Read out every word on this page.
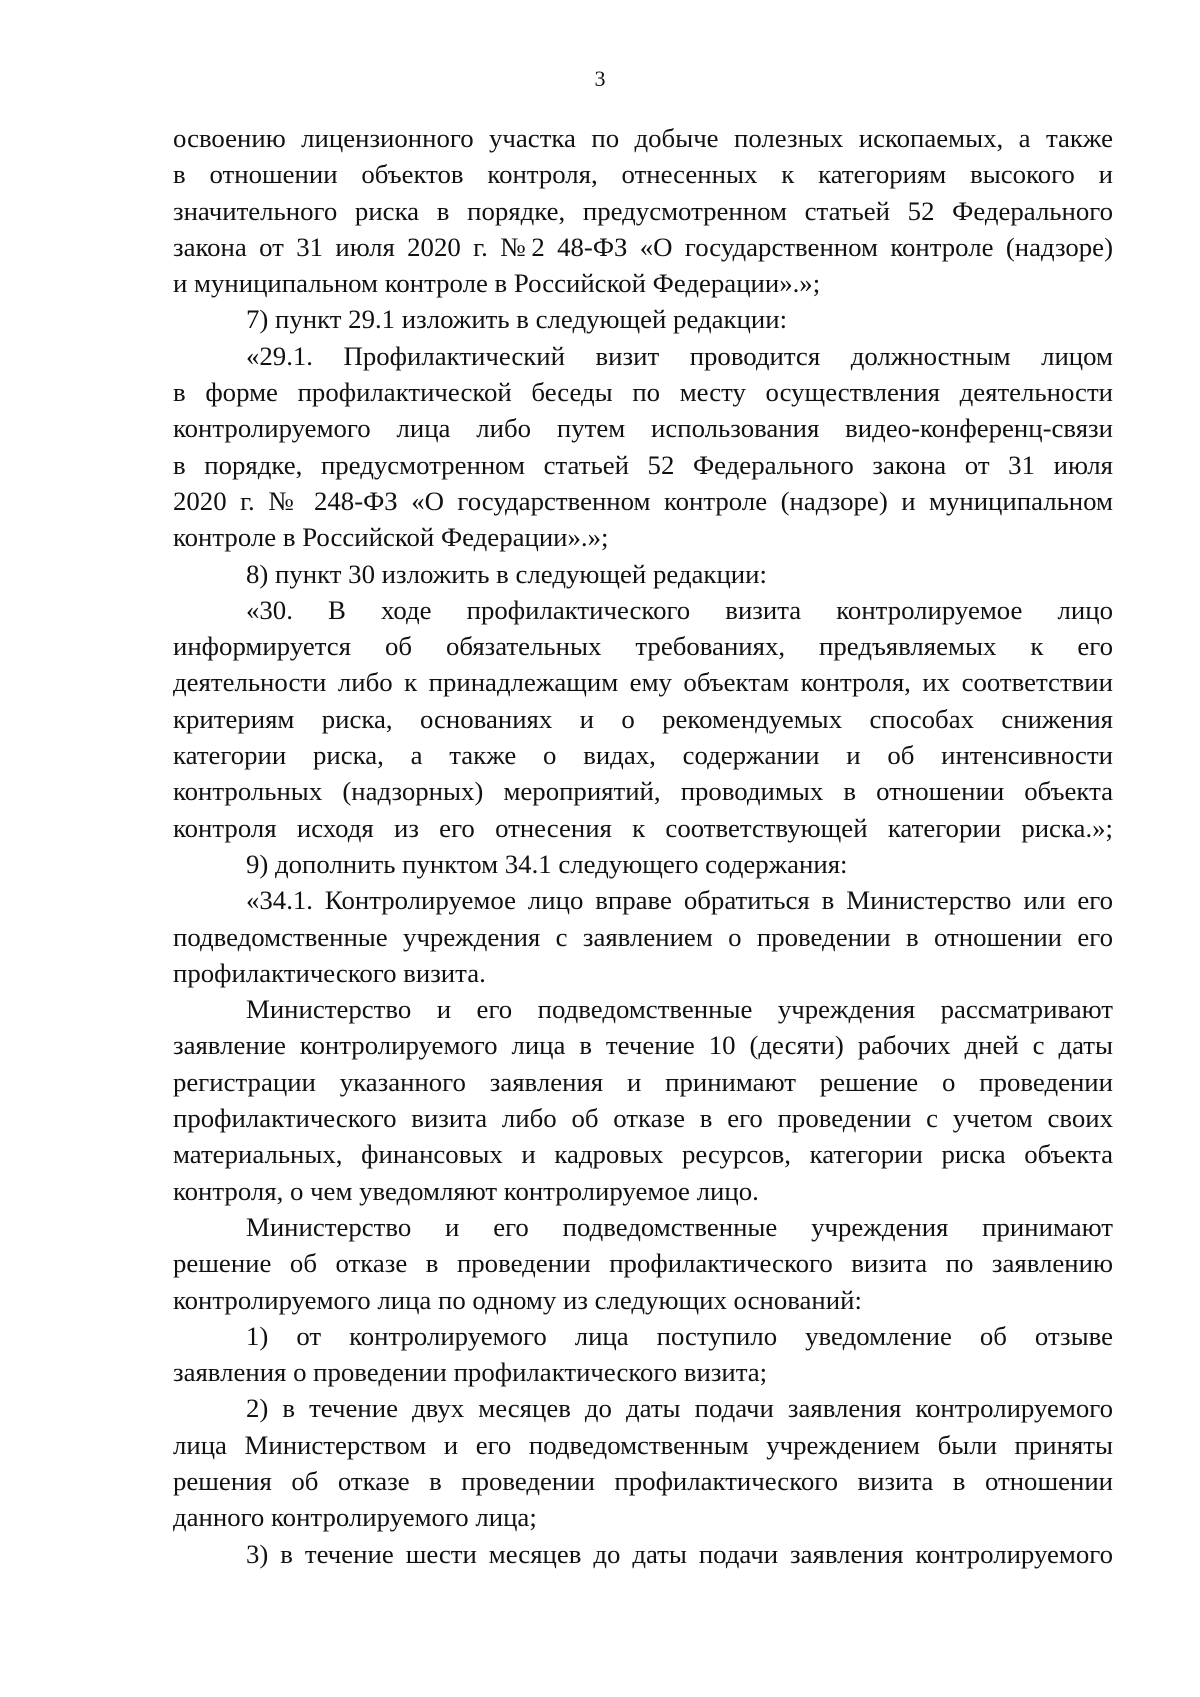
3
освоению лицензионного участка по добыче полезных ископаемых, а также
в отношении объектов контроля, отнесенных к категориям высокого и
значительного риска в порядке, предусмотренном статьей 52 Федерального
закона от 31 июля 2020 г. №2 48-ФЗ «О государственном контроле (надзоре)
и муниципальном контроле в Российской Федерации».»;
7) пункт 29.1 изложить в следующей редакции:
«29.1. Профилактический визит проводится должностным лицом
в форме профилактической беседы по месту осуществления деятельности
контролируемого лица либо путем использования видео-конференц-связи
в порядке, предусмотренном статьей 52 Федерального закона от 31 июля
2020 г. № 248-ФЗ «О государственном контроле (надзоре) и муниципальном
контроле в Российской Федерации».»;
8) пункт 30 изложить в следующей редакции:
«30. В ходе профилактического визита контролируемое лицо
информируется об обязательных требованиях, предъявляемых к его
деятельности либо к принадлежащим ему объектам контроля, их соответствии
критериям риска, основаниях и о рекомендуемых способах снижения
категории риска, а также о видах, содержании и об интенсивности
контрольных (надзорных) мероприятий, проводимых в отношении объекта
контроля исходя из его отнесения к соответствующей категории риска.»;
9) дополнить пунктом 34.1 следующего содержания:
«34.1. Контролируемое лицо вправе обратиться в Министерство или его
подведомственные учреждения с заявлением о проведении в отношении его
профилактического визита.
Министерство и его подведомственные учреждения рассматривают
заявление контролируемого лица в течение 10 (десяти) рабочих дней с даты
регистрации указанного заявления и принимают решение о проведении
профилактического визита либо об отказе в его проведении с учетом своих
материальных, финансовых и кадровых ресурсов, категории риска объекта
контроля, о чем уведомляют контролируемое лицо.
Министерство и его подведомственные учреждения принимают
решение об отказе в проведении профилактического визита по заявлению
контролируемого лица по одному из следующих оснований:
1) от контролируемого лица поступило уведомление об отзыве
заявления о проведении профилактического визита;
2) в течение двух месяцев до даты подачи заявления контролируемого
лица Министерством и его подведомственным учреждением были приняты
решения об отказе в проведении профилактического визита в отношении
данного контролируемого лица;
3) в течение шести месяцев до даты подачи заявления контролируемого
